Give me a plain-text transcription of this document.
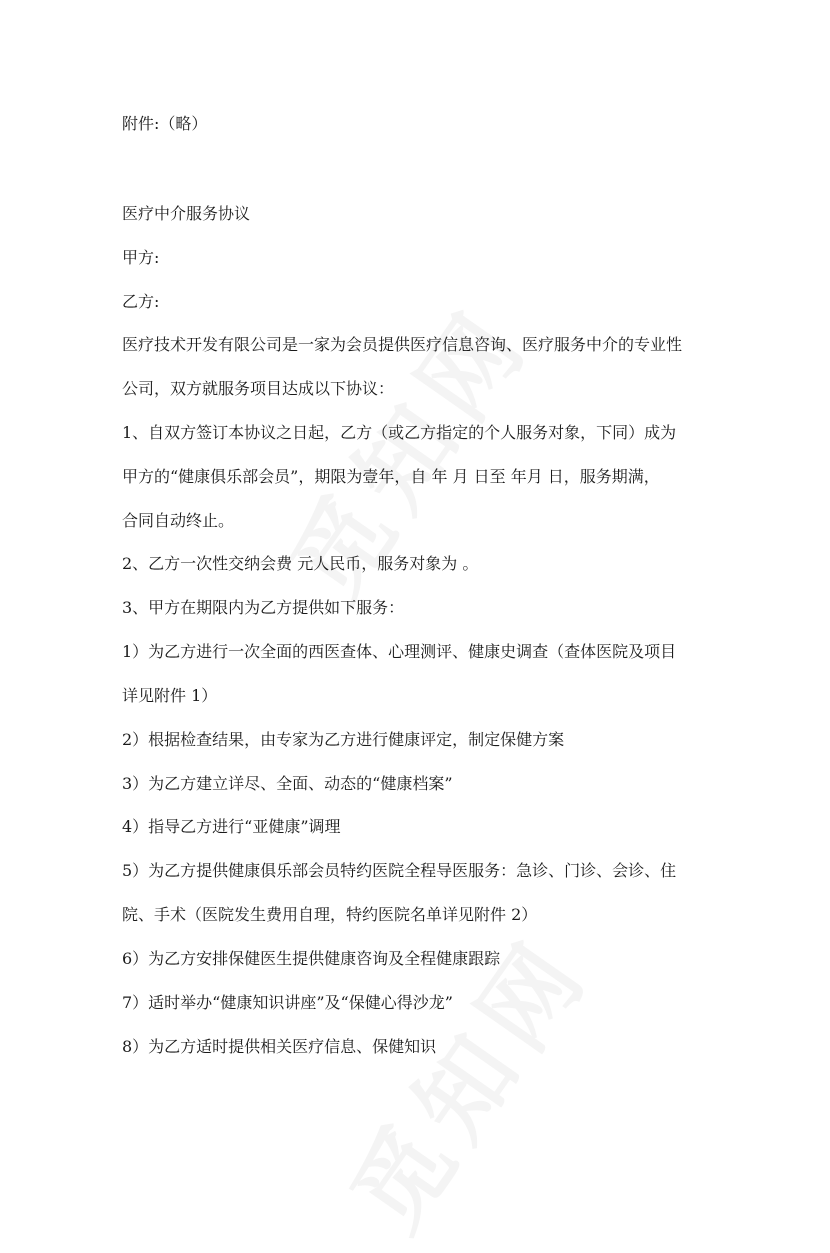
附件:（略）
医疗中介服务协议
甲方:
乙方:
医疗技术开发有限公司是一家为会员提供医疗信息咨询、医疗服务中介的专业性
公司，双方就服务项目达成以下协议：
1、自双方签订本协议之日起，乙方（或乙方指定的个人服务对象，下同）成为
甲方的“健康俱乐部会员”，期限为壹年，自 年 月 日至 年月 日，服务期满，
合同自动终止。
2、乙方一次性交纳会费 元人民币，服务对象为 。
3、甲方在期限内为乙方提供如下服务：
1）为乙方进行一次全面的西医查体、心理测评、健康史调查（查体医院及项目
详见附件 1）
2）根据检查结果，由专家为乙方进行健康评定，制定保健方案
3）为乙方建立详尽、全面、动态的“健康档案”
4）指导乙方进行“亚健康”调理
5）为乙方提供健康俱乐部会员特约医院全程导医服务：急诊、门诊、会诊、住
院、手术（医院发生费用自理，特约医院名单详见附件 2）
6）为乙方安排保健医生提供健康咨询及全程健康跟踪
7）适时举办“健康知识讲座”及“保健心得沙龙”
8）为乙方适时提供相关医疗信息、保健知识
